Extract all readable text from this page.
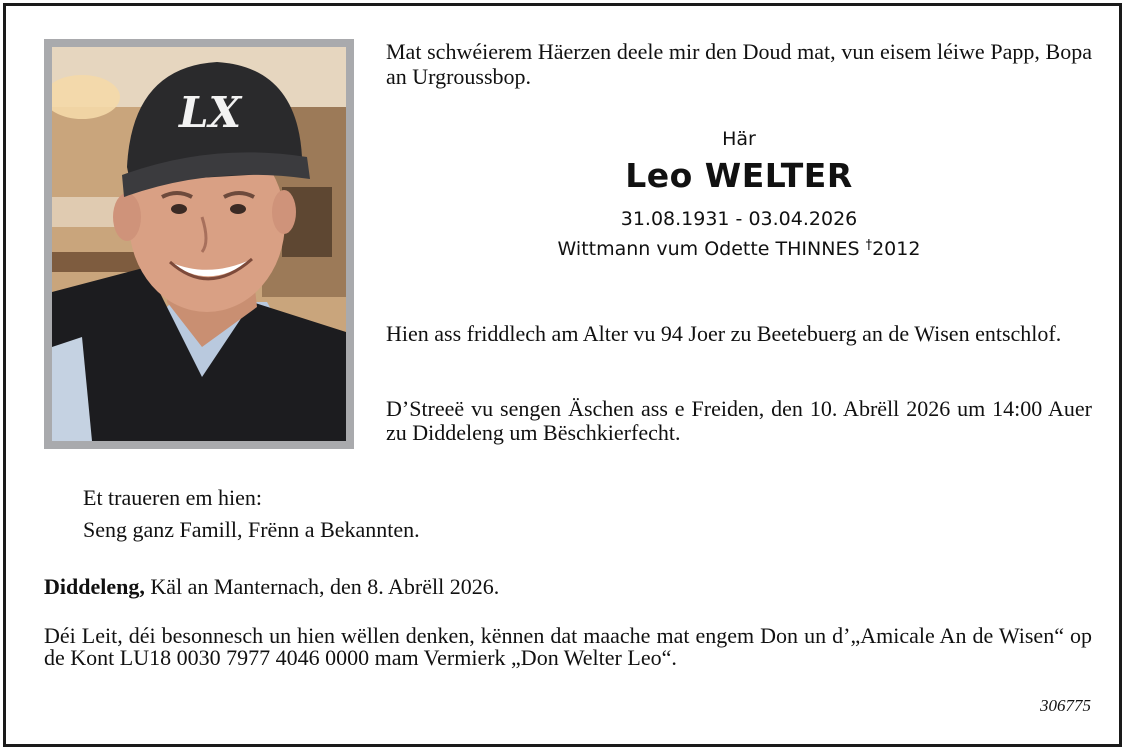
LX
Mat schwéierem Häerzen deele mir den Doud mat, vun eisem léiwe Papp, Bopa an Urgroussbop.
Här
Leo WELTER
31.08.1931 - 03.04.2026
Wittmann vum Odette THINNES †2012
Hien ass friddlech am Alter vu 94 Joer zu Beetebuerg an de Wisen entschlof.
D’Streeë vu sengen Äschen ass e Freiden, den 10. Abrëll 2026 um 14:00 Auer zu Diddeleng um Bëschkierfecht.
Et traueren em hien:
Seng ganz Famill, Frënn a Bekannten.
Diddeleng, Käl an Manternach, den 8. Abrëll 2026.
Déi Leit, déi besonnesch un hien wëllen denken, kënnen dat maache mat engem Don un d’„Amicale An de Wisen“ op de Kont LU18 0030 7977 4046 0000 mam Vermierk „Don Welter Leo“.
306775
